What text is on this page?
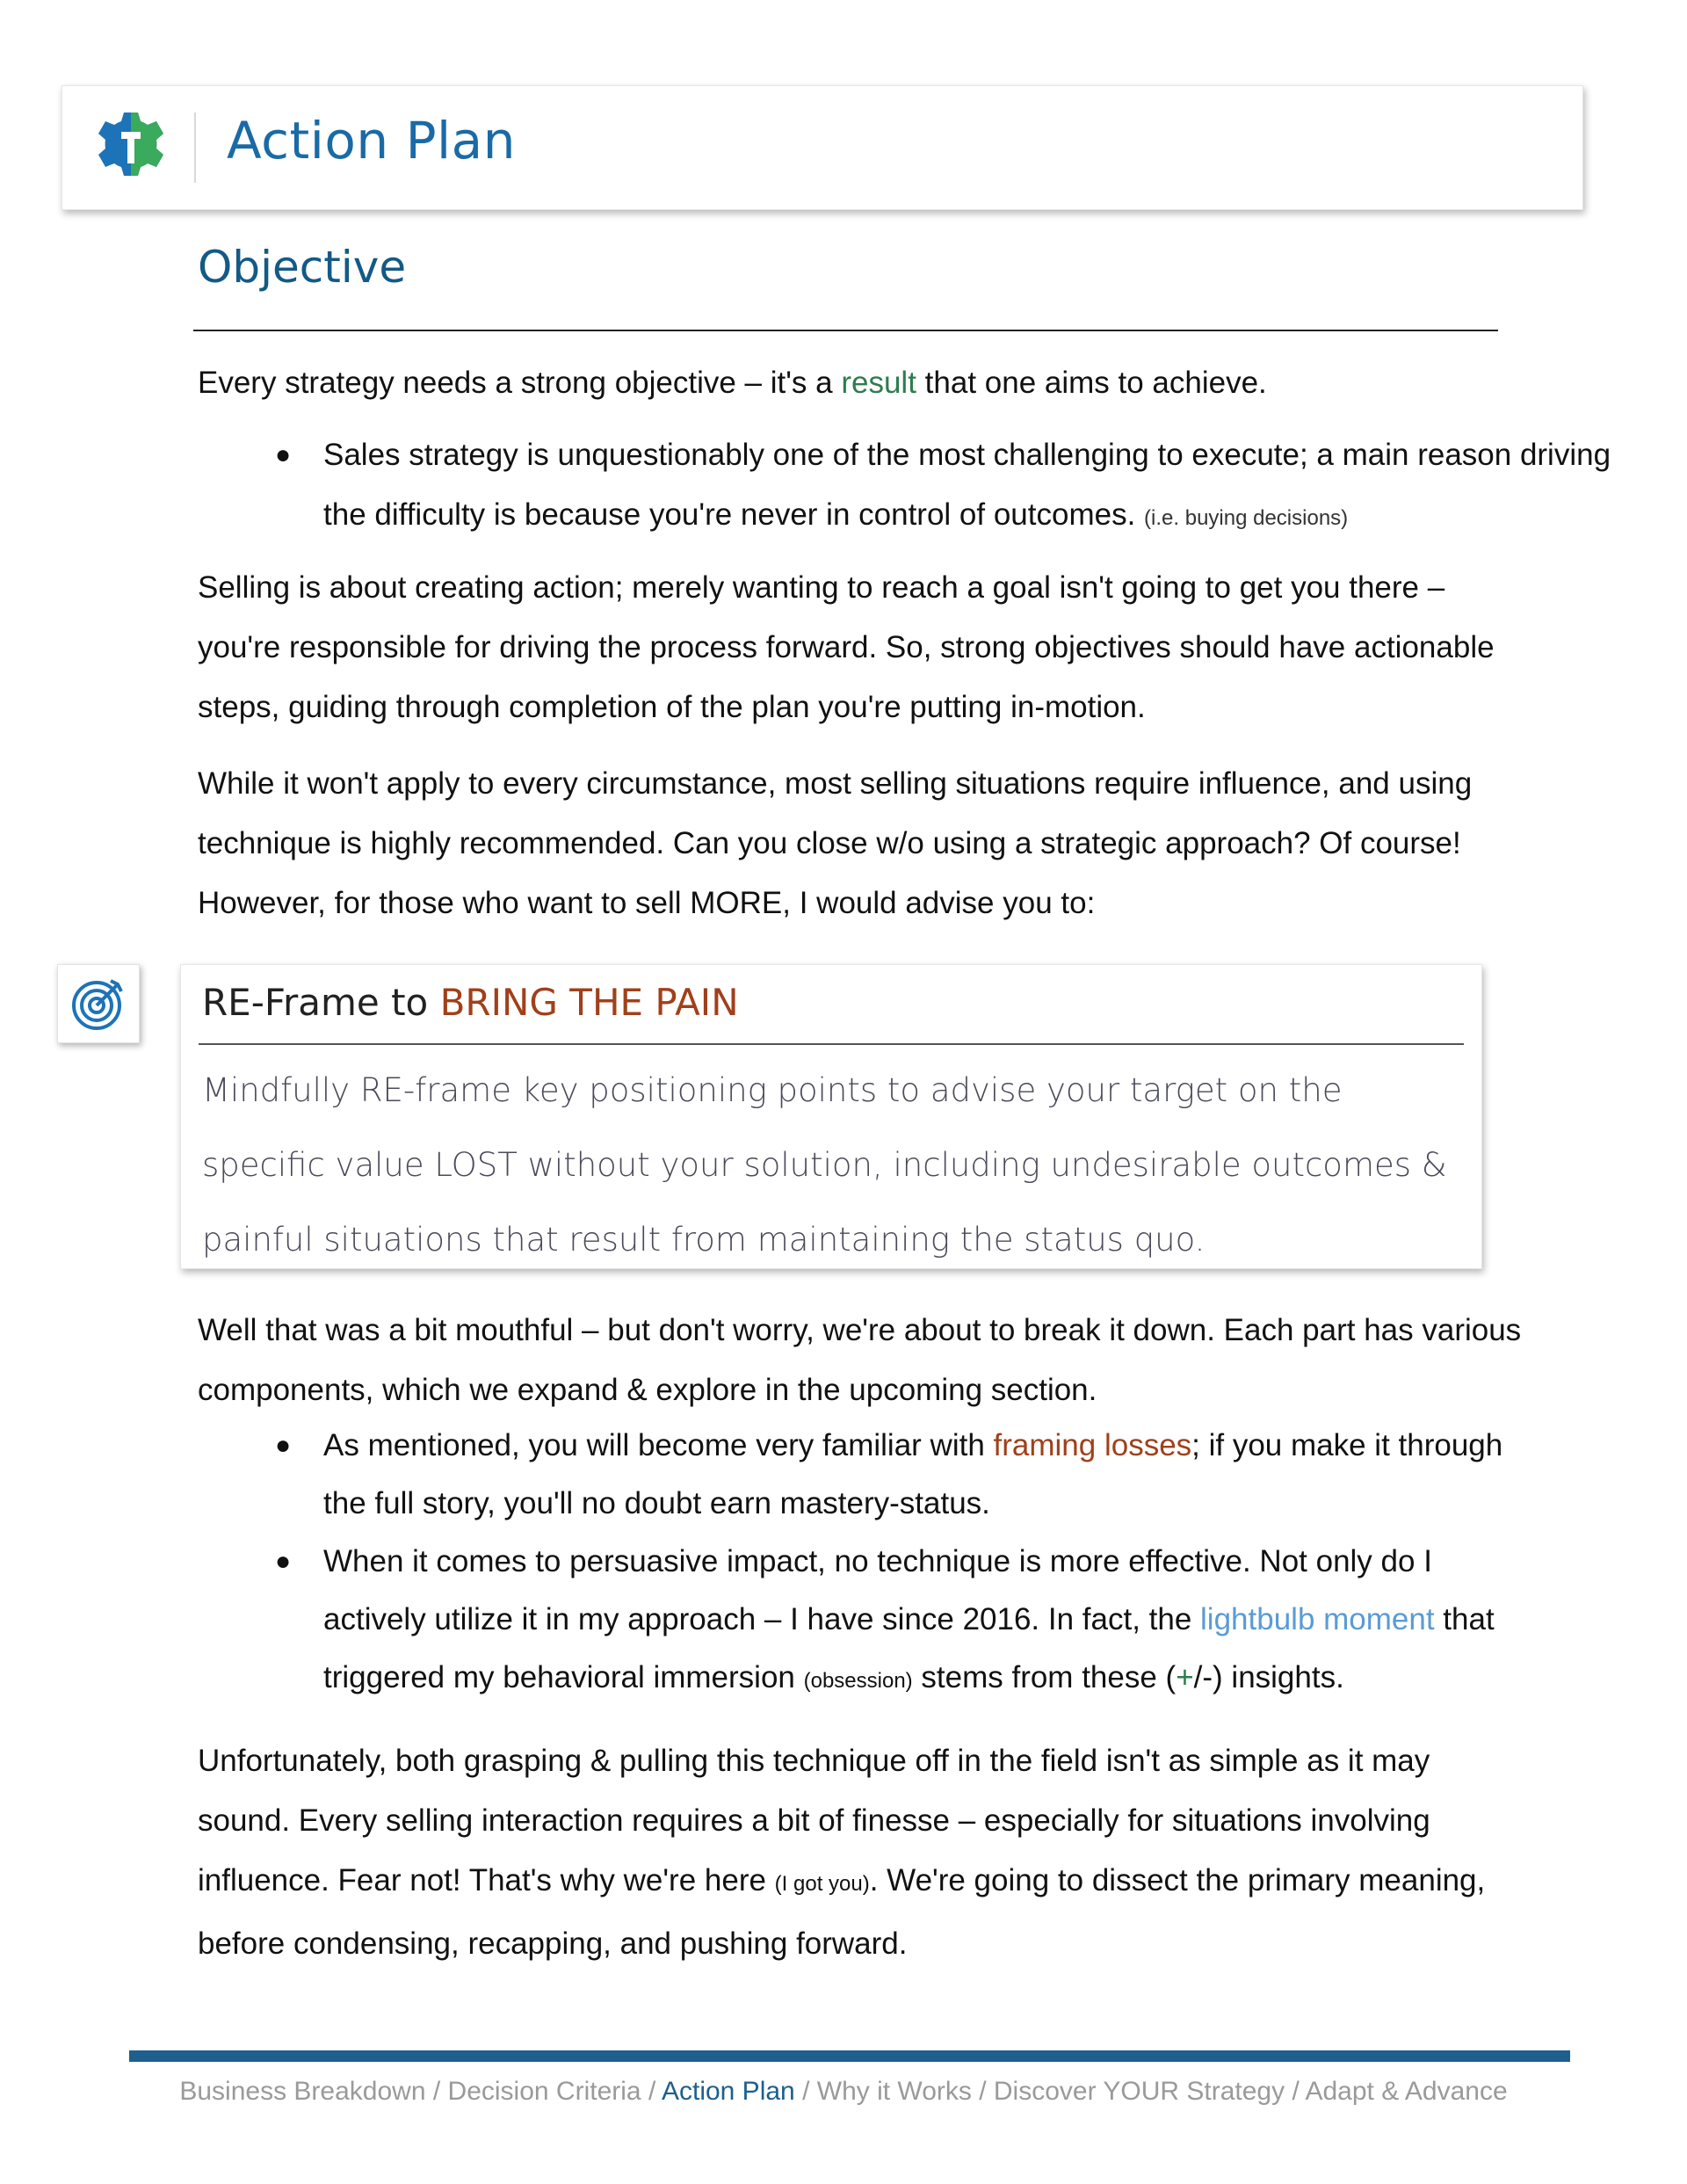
Action Plan
Objective
Every strategy needs a strong objective – it's a result that one aims to achieve.
● Sales strategy is unquestionably one of the most challenging to execute; a main reason driving the difficulty is because you're never in control of outcomes. (i.e. buying decisions)
Selling is about creating action; merely wanting to reach a goal isn't going to get you there – you're responsible for driving the process forward. So, strong objectives should have actionable steps, guiding through completion of the plan you're putting in-motion.
While it won't apply to every circumstance, most selling situations require influence, and using technique is highly recommended. Can you close w/o using a strategic approach? Of course! However, for those who want to sell MORE, I would advise you to:
RE-Frame to BRING THE PAIN
Mindfully RE-frame key positioning points to advise your target on the
specific value LOST without your solution, including undesirable outcomes &
painful situations that result from maintaining the status quo.
Well that was a bit mouthful – but don't worry, we're about to break it down. Each part has various components, which we expand & explore in the upcoming section.
● As mentioned, you will become very familiar with framing losses; if you make it through the full story, you'll no doubt earn mastery-status.
● When it comes to persuasive impact, no technique is more effective. Not only do I actively utilize it in my approach – I have since 2016. In fact, the lightbulb moment that triggered my behavioral immersion (obsession) stems from these (+/-) insights.
Unfortunately, both grasping & pulling this technique off in the field isn't as simple as it may sound. Every selling interaction requires a bit of finesse – especially for situations involving influence. Fear not! That's why we're here (I got you). We're going to dissect the primary meaning, before condensing, recapping, and pushing forward.
Business Breakdown / Decision Criteria / Action Plan / Why it Works / Discover YOUR Strategy / Adapt & Advance
